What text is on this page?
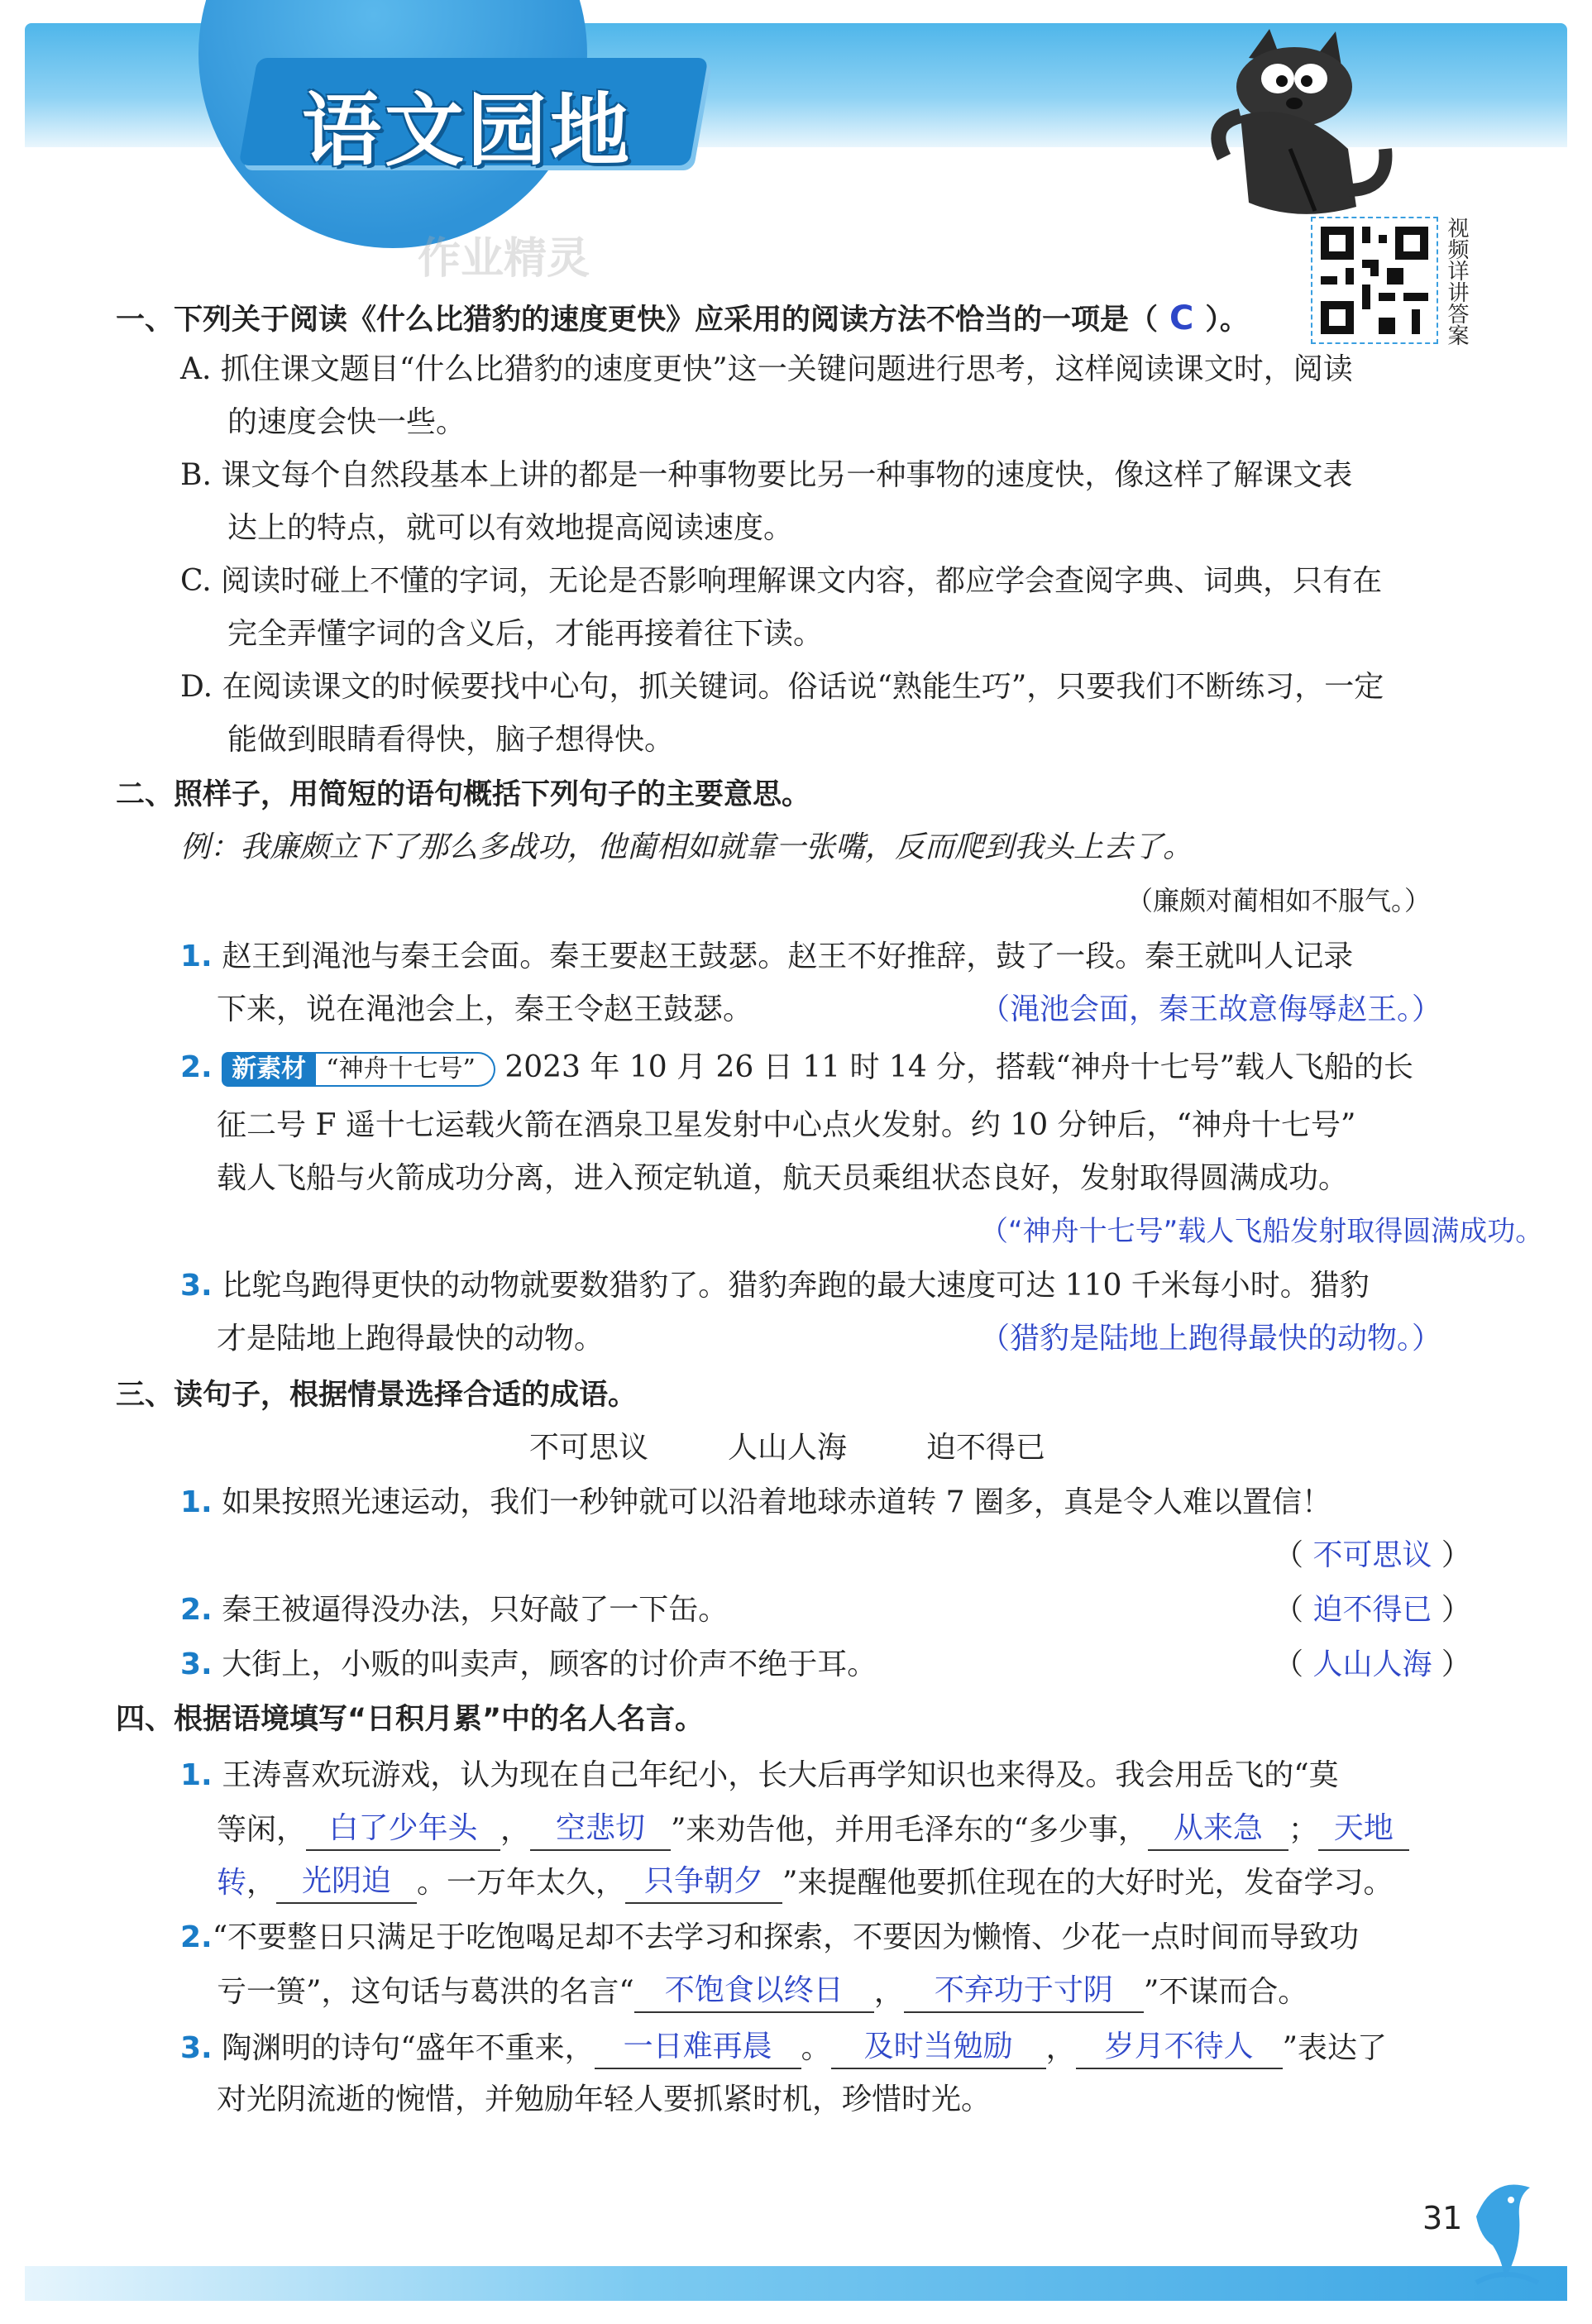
语文园地
作业精灵	视频详讲答案
一、下列关于阅读《什么比猎豹的速度更快》应采用的阅读方法不恰当的一项是（ C ）。
A. 抓住课文题目“什么比猎豹的速度更快”这一关键问题进行思考，这样阅读课文时，阅读
的速度会快一些。
B. 课文每个自然段基本上讲的都是一种事物要比另一种事物的速度快，像这样了解课文表
达上的特点，就可以有效地提高阅读速度。
C. 阅读时碰上不懂的字词，无论是否影响理解课文内容，都应学会查阅字典、词典，只有在
完全弄懂字词的含义后，才能再接着往下读。
D. 在阅读课文的时候要找中心句，抓关键词。俗话说“熟能生巧”，只要我们不断练习，一定
能做到眼睛看得快，脑子想得快。
二、照样子，用简短的语句概括下列句子的主要意思。
例：我廉颇立下了那么多战功，他蔺相如就靠一张嘴，反而爬到我头上去了。
（廉颇对蔺相如不服气。）
1. 赵王到渑池与秦王会面。秦王要赵王鼓瑟。赵王不好推辞，鼓了一段。秦王就叫人记录
下来，说在渑池会上，秦王令赵王鼓瑟。	（渑池会面，秦王故意侮辱赵王。）
2. 新素材 “神舟十七号” 2023 年 10 月 26 日 11 时 14 分，搭载“神舟十七号”载人飞船的长
征二号 F 遥十七运载火箭在酒泉卫星发射中心点火发射。约 10 分钟后，“神舟十七号”
载人飞船与火箭成功分离，进入预定轨道，航天员乘组状态良好，发射取得圆满成功。
（“神舟十七号”载人飞船发射取得圆满成功。
3. 比鸵鸟跑得更快的动物就要数猎豹了。猎豹奔跑的最大速度可达 110 千米每小时。猎豹
才是陆地上跑得最快的动物。	（猎豹是陆地上跑得最快的动物。）
三、读句子，根据情景选择合适的成语。
不可思议	人山人海	迫不得已
1. 如果按照光速运动，我们一秒钟就可以沿着地球赤道转 7 圈多，真是令人难以置信！
（ 不可思议 ）
2. 秦王被逼得没办法，只好敲了一下缶。	（ 迫不得已 ）
3. 大街上，小贩的叫卖声，顾客的讨价声不绝于耳。	（ 人山人海 ）
四、根据语境填写“日积月累”中的名人名言。
1. 王涛喜欢玩游戏，认为现在自己年纪小，长大后再学知识也来得及。我会用岳飞的“莫
等闲， 白了少年头 ， 空悲切 ”来劝告他，并用毛泽东的“多少事， 从来急 ； 天地
转， 光阴迫 。一万年太久， 只争朝夕 ”来提醒他要抓住现在的大好时光，发奋学习。
2.“不要整日只满足于吃饱喝足却不去学习和探索，不要因为懒惰、少花一点时间而导致功
亏一篑”，这句话与葛洪的名言“ 不饱食以终日 ， 不弃功于寸阴 ”不谋而合。
3. 陶渊明的诗句“盛年不重来， 一日难再晨 。 及时当勉励 ， 岁月不待人 ”表达了
对光阴流逝的惋惜，并勉励年轻人要抓紧时机，珍惜时光。
31
